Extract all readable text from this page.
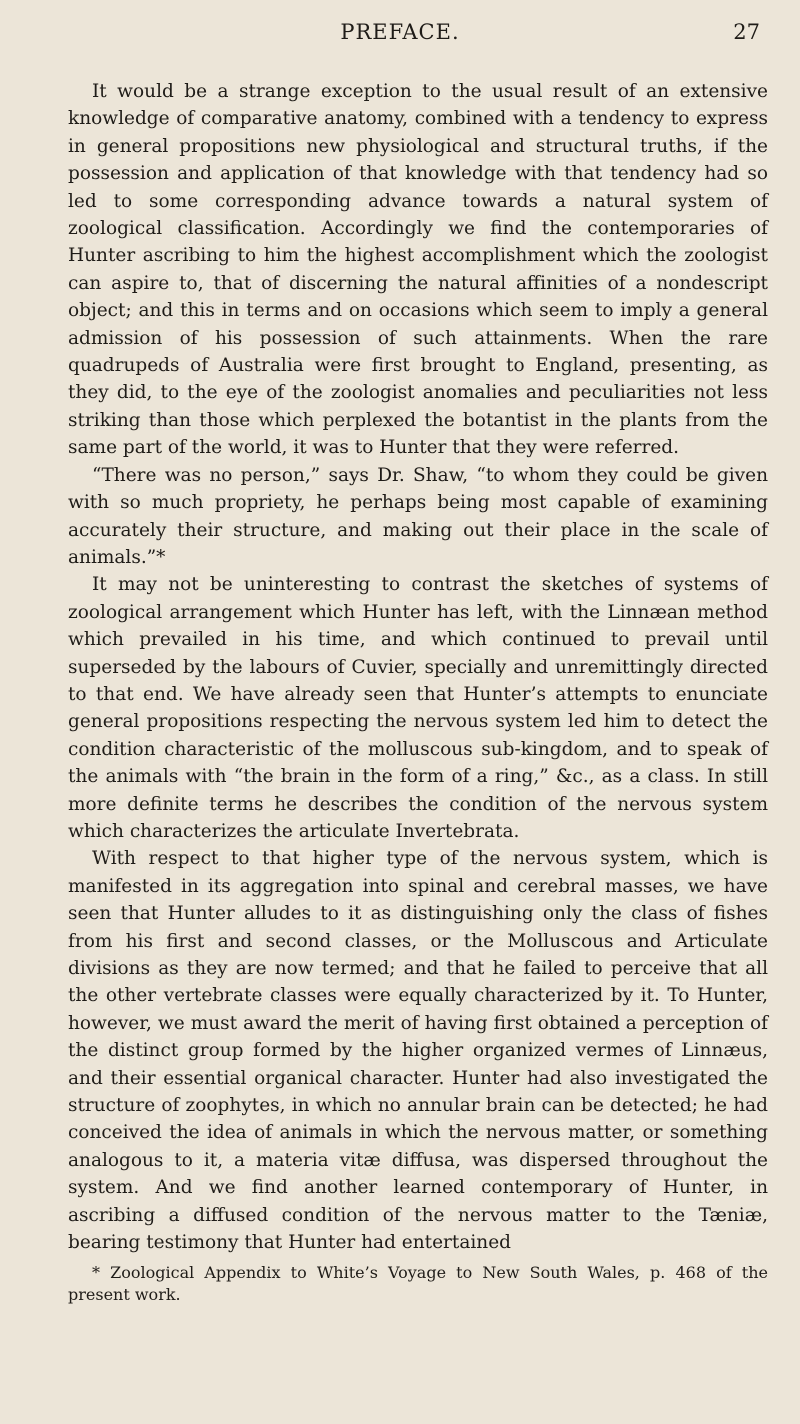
PREFACE.	27

It would be a strange exception to the usual result of an extensive knowledge of comparative anatomy, combined with a tendency to express in general propositions new physiological and structural truths, if the possession and application of that knowledge with that tendency had so led to some corresponding advance towards a natural system of zoological classification. Accordingly we find the contemporaries of Hunter ascribing to him the highest accomplishment which the zoologist can aspire to, that of discerning the natural affinities of a nondescript object; and this in terms and on occasions which seem to imply a general admission of his possession of such attainments. When the rare quadrupeds of Australia were first brought to England, presenting, as they did, to the eye of the zoologist anomalies and peculiarities not less striking than those which perplexed the botantist in the plants from the same part of the world, it was to Hunter that they were referred.

“There was no person,” says Dr. Shaw, “to whom they could be given with so much propriety, he perhaps being most capable of examining accurately their structure, and making out their place in the scale of animals.”*

It may not be uninteresting to contrast the sketches of systems of zoological arrangement which Hunter has left, with the Linnæan method which prevailed in his time, and which continued to prevail until superseded by the labours of Cuvier, specially and unremittingly directed to that end. We have already seen that Hunter’s attempts to enunciate general propositions respecting the nervous system led him to detect the condition characteristic of the molluscous sub-kingdom, and to speak of the animals with “the brain in the form of a ring,” &c., as a class. In still more definite terms he describes the condition of the nervous system which characterizes the articulate Invertebrata.

With respect to that higher type of the nervous system, which is manifested in its aggregation into spinal and cerebral masses, we have seen that Hunter alludes to it as distinguishing only the class of fishes from his first and second classes, or the Molluscous and Articulate divisions as they are now termed; and that he failed to perceive that all the other vertebrate classes were equally characterized by it. To Hunter, however, we must award the merit of having first obtained a perception of the distinct group formed by the higher organized vermes of Linnæus, and their essential organical character. Hunter had also investigated the structure of zoophytes, in which no annular brain can be detected; he had conceived the idea of animals in which the nervous matter, or something analogous to it, a materia vitæ diffusa, was dispersed throughout the system. And we find another learned contemporary of Hunter, in ascribing a diffused condition of the nervous matter to the Tæniæ, bearing testimony that Hunter had entertained

* Zoological Appendix to White’s Voyage to New South Wales, p. 468 of the present work.
